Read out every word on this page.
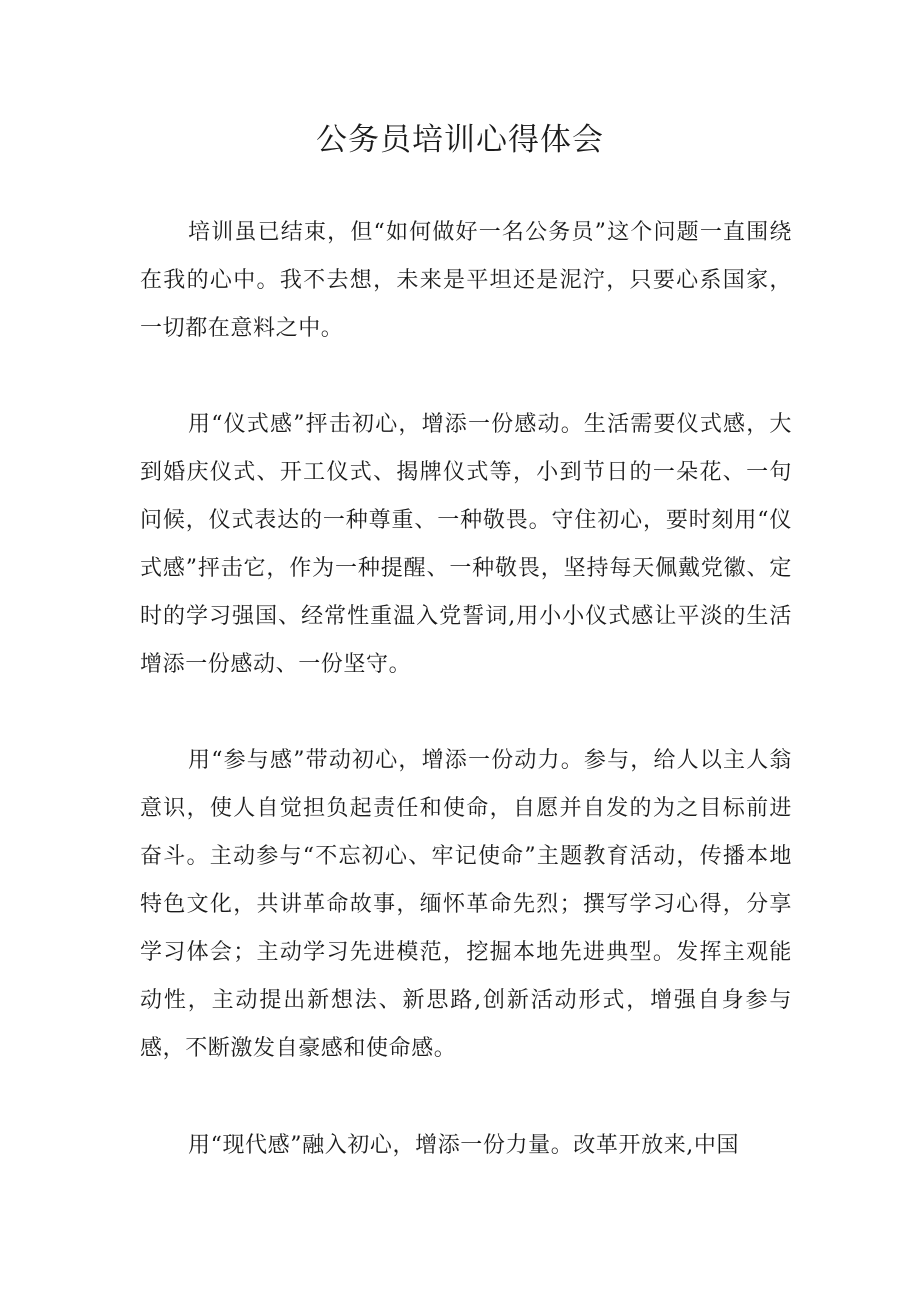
公务员培训心得体会

培训虽已结束，但“如何做好一名公务员”这个问题一直围绕在我的心中。我不去想，未来是平坦还是泥泞，只要心系国家，一切都在意料之中。

用“仪式感”抨击初心，增添一份感动。生活需要仪式感，大到婚庆仪式、开工仪式、揭牌仪式等，小到节日的一朵花、一句问候，仪式表达的一种尊重、一种敬畏。守住初心，要时刻用“仪式感”抨击它，作为一种提醒、一种敬畏，坚持每天佩戴党徽、定时的学习强国、经常性重温入党誓词,用小小仪式感让平淡的生活增添一份感动、一份坚守。

用“参与感”带动初心，增添一份动力。参与，给人以主人翁意识，使人自觉担负起责任和使命，自愿并自发的为之目标前进奋斗。主动参与“不忘初心、牢记使命”主题教育活动，传播本地特色文化，共讲革命故事，缅怀革命先烈；撰写学习心得，分享学习体会；主动学习先进模范，挖掘本地先进典型。发挥主观能动性，主动提出新想法、新思路,创新活动形式，增强自身参与感，不断激发自豪感和使命感。

用“现代感”融入初心，增添一份力量。改革开放来,中国
